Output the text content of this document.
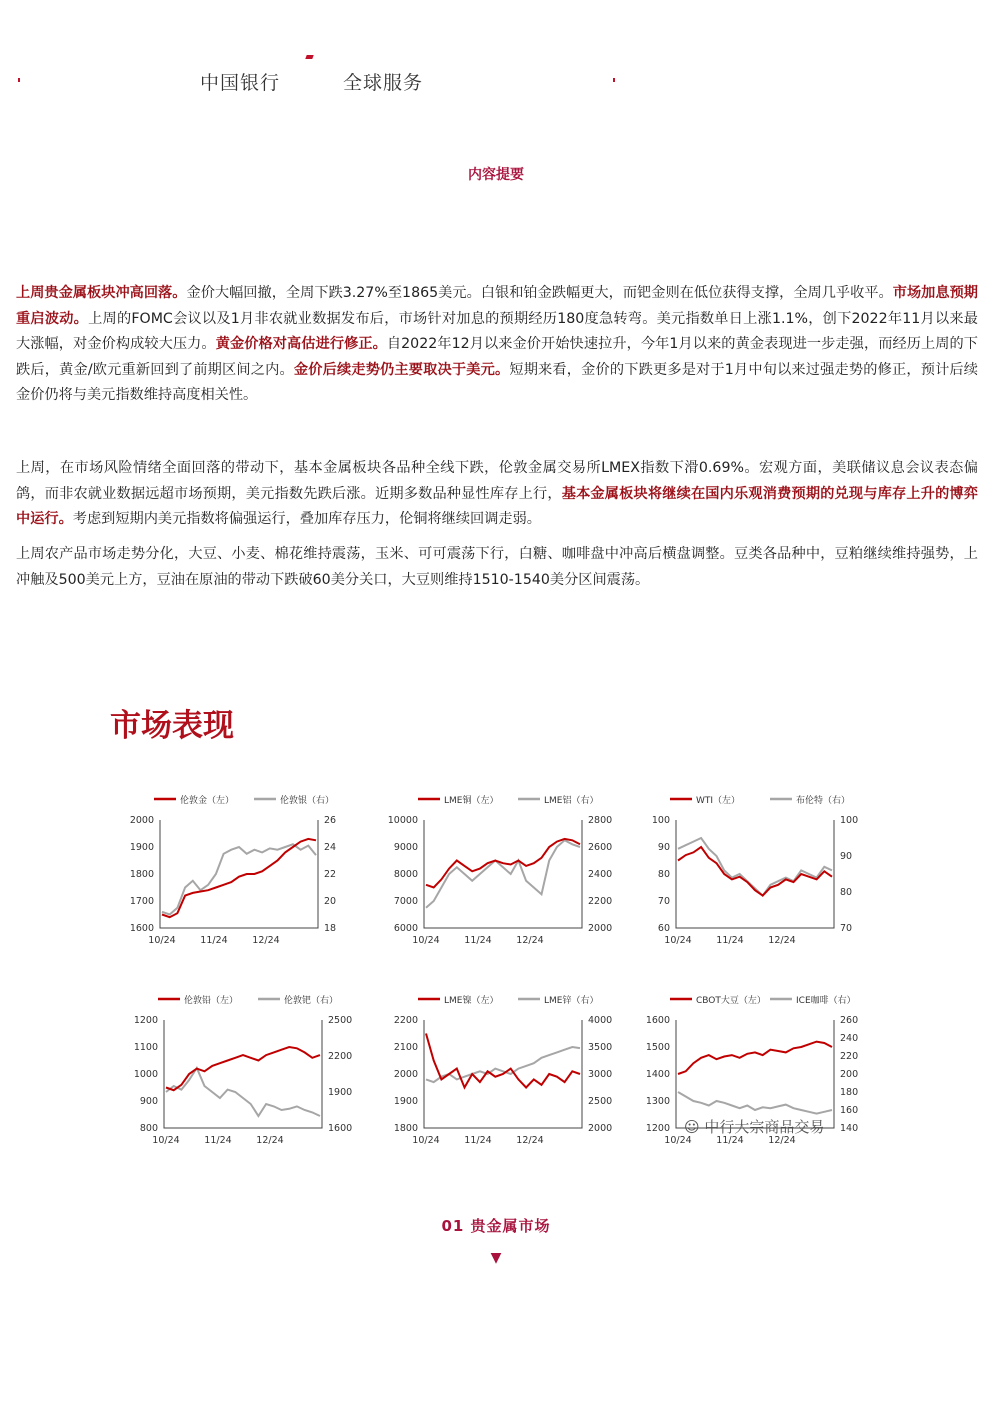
中国银行	全球服务
内容提要
上周贵金属板块冲高回落。金价大幅回撤，全周下跌3.27%至1865美元。白银和铂金跌幅更大，而钯金则在低位获得支撑，全周几乎收平。市场加息预期重启波动。上周的FOMC会议以及1月非农就业数据发布后，市场针对加息的预期经历180度急转弯。美元指数单日上涨1.1%，创下2022年11月以来最大涨幅，对金价构成较大压力。黄金价格对高估进行修正。自2022年12月以来金价开始快速拉升，今年1月以来的黄金表现进一步走强，而经历上周的下跌后，黄金/欧元重新回到了前期区间之内。金价后续走势仍主要取决于美元。短期来看，金价的下跌更多是对于1月中旬以来过强走势的修正，预计后续金价仍将与美元指数维持高度相关性。
上周，在市场风险情绪全面回落的带动下，基本金属板块各品种全线下跌，伦敦金属交易所LMEX指数下滑0.69%。宏观方面，美联储议息会议表态偏鸽，而非农就业数据远超市场预期，美元指数先跌后涨。近期多数品种显性库存上行，基本金属板块将继续在国内乐观消费预期的兑现与库存上升的博弈中运行。考虑到短期内美元指数将偏强运行，叠加库存压力，伦铜将继续回调走弱。
上周农产品市场走势分化，大豆、小麦、棉花维持震荡，玉米、可可震荡下行，白糖、咖啡盘中冲高后横盘调整。豆类各品种中，豆粕继续维持强势，上冲触及500美元上方，豆油在原油的带动下跌破60美分关口，大豆则维持1510-1540美分区间震荡。
市场表现
伦敦金（左）	伦敦银（右）
1600
1700
1800
1900
2000
18
20
22
24
26
10/24	11/24	12/24
LME铜（左）	LME铝（右）
6000
7000
8000
9000
10000
2000
2200
2400
2600
2800
10/24	11/24	12/24
WTI（左）	布伦特（右）
60
70
80
90
100
70
80
90
100
10/24	11/24	12/24
伦敦铅（左）	伦敦钯（右）
800
900
1000
1100
1200
1600
1900
2200
2500
10/24	11/24	12/24
LME镍（左）	LME锌（右）
1800
1900
2000
2100
2200
2000
2500
3000
3500
4000
10/24	11/24	12/24
CBOT大豆（左）	ICE咖啡（右）
1200
1300
1400
1500
1600
140
160
180
200
220
240
260
10/24	11/24	12/24
☺ 中行大宗商品交易
01 贵金属市场
▼
